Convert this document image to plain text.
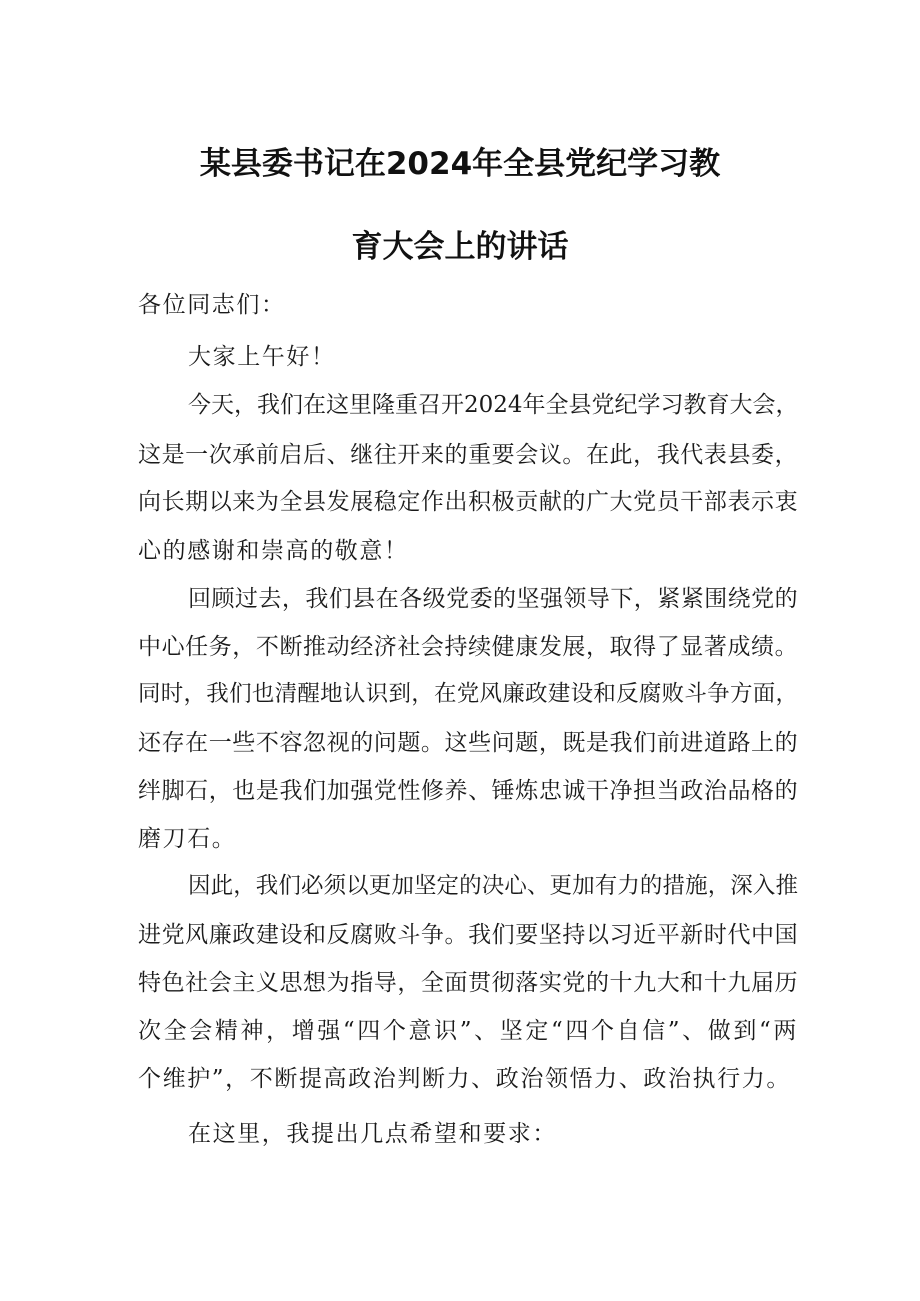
某县委书记在2024年全县党纪学习教
育大会上的讲话
各位同志们：
大家上午好！
今天，我们在这里隆重召开2024年全县党纪学习教育大会，
这是一次承前启后、继往开来的重要会议。在此，我代表县委，
向长期以来为全县发展稳定作出积极贡献的广大党员干部表示衷
心的感谢和崇高的敬意！
回顾过去，我们县在各级党委的坚强领导下，紧紧围绕党的
中心任务，不断推动经济社会持续健康发展，取得了显著成绩。
同时，我们也清醒地认识到，在党风廉政建设和反腐败斗争方面，
还存在一些不容忽视的问题。这些问题，既是我们前进道路上的
绊脚石，也是我们加强党性修养、锤炼忠诚干净担当政治品格的
磨刀石。
因此，我们必须以更加坚定的决心、更加有力的措施，深入推
进党风廉政建设和反腐败斗争。我们要坚持以习近平新时代中国
特色社会主义思想为指导，全面贯彻落实党的十九大和十九届历
次全会精神，增强“四个意识”、坚定“四个自信”、做到“两
个维护”，不断提高政治判断力、政治领悟力、政治执行力。
在这里，我提出几点希望和要求：
